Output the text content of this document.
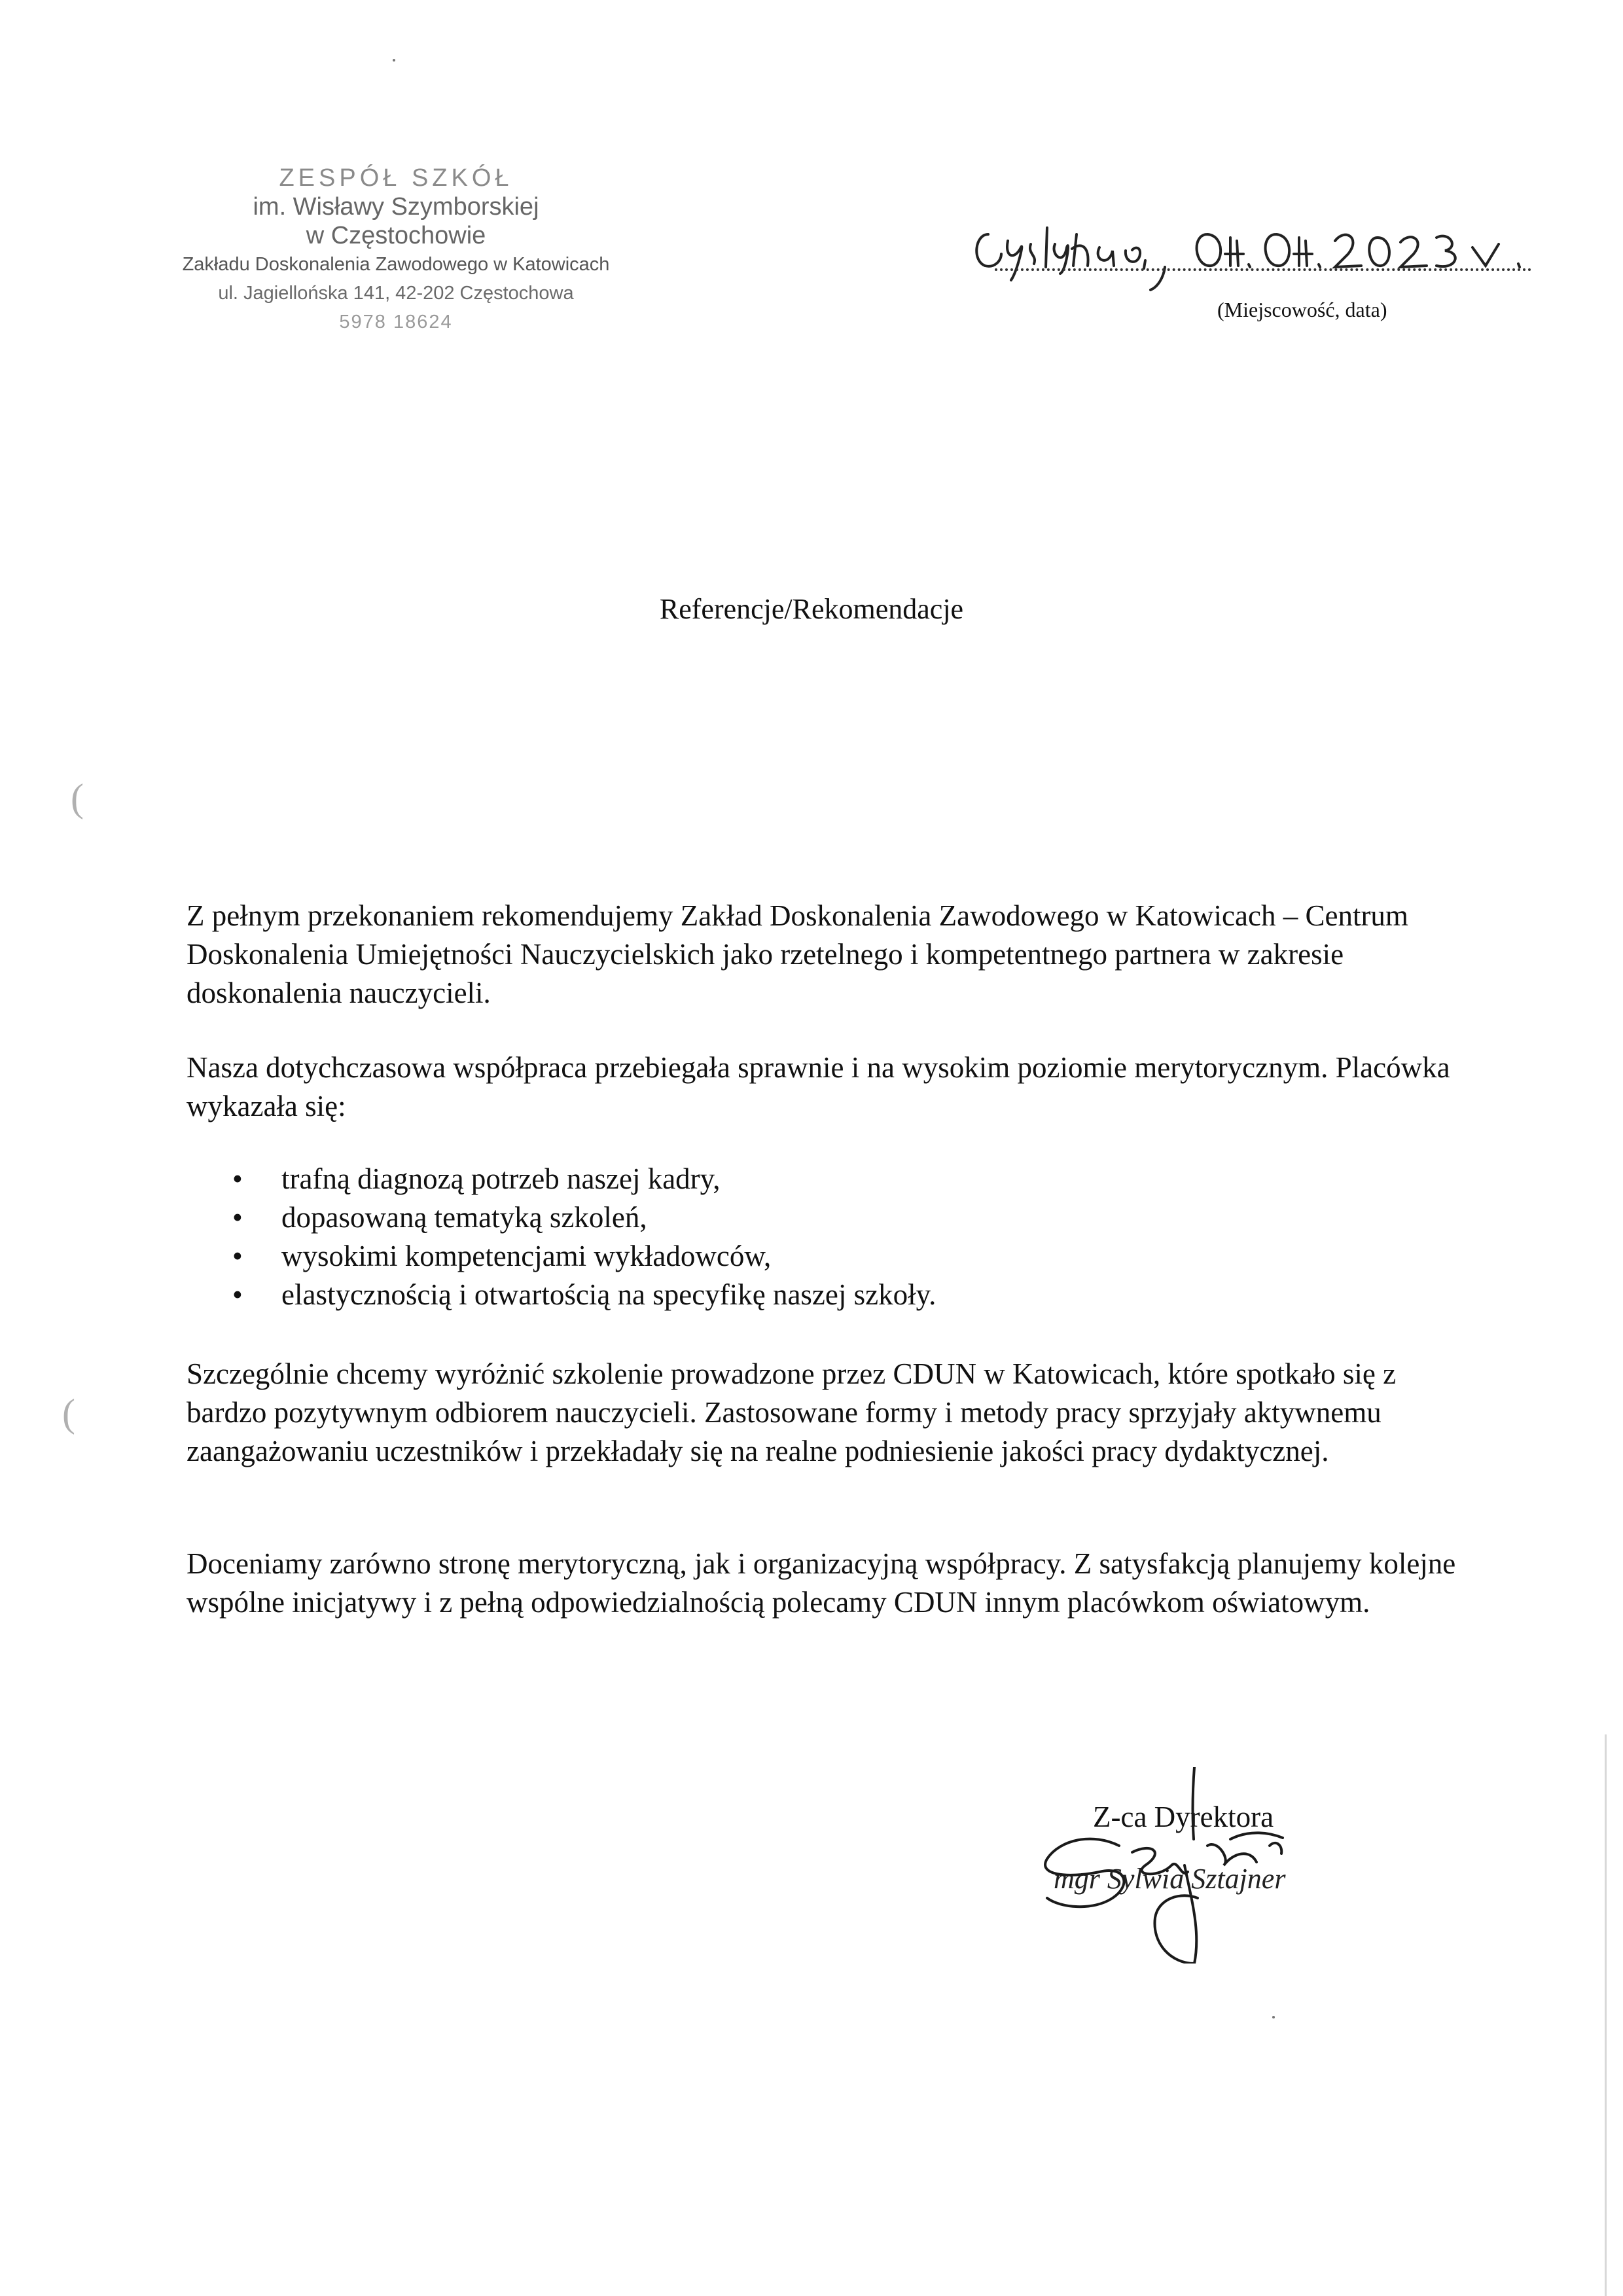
ZESPÓŁ SZKÓŁ
im. Wisławy Szymborskiej
w Częstochowie
Zakładu Doskonalenia Zawodowego w Katowicach
ul. Jagiellońska 141, 42-202 Częstochowa
5978 18624
(Miejscowość, data)
Referencje/Rekomendacje
(
(

Z pełnym przekonaniem rekomendujemy Zakład Doskonalenia Zawodowego w Katowicach – Centrum Doskonalenia Umiejętności Nauczycielskich jako rzetelnego i kompetentnego partnera w zakresie doskonalenia nauczycieli.

Nasza dotychczasowa współpraca przebiegała sprawnie i na wysokim poziomie merytorycznym. Placówka wykazała się:

• trafną diagnozą potrzeb naszej kadry,
• dopasowaną tematyką szkoleń,
• wysokimi kompetencjami wykładowców,
• elastycznością i otwartością na specyfikę naszej szkoły.

Szczególnie chcemy wyróżnić szkolenie prowadzone przez CDUN w Katowicach, które spotkało się z bardzo pozytywnym odbiorem nauczycieli. Zastosowane formy i metody pracy sprzyjały aktywnemu zaangażowaniu uczestników i przekładały się na realne podniesienie jakości pracy dydaktycznej.

Doceniamy zarówno stronę merytoryczną, jak i organizacyjną współpracy. Z satysfakcją planujemy kolejne wspólne inicjatywy i z pełną odpowiedzialnością polecamy CDUN innym placówkom oświatowym.

Z-ca Dyrektora
mgr Sylwia Sztajner
